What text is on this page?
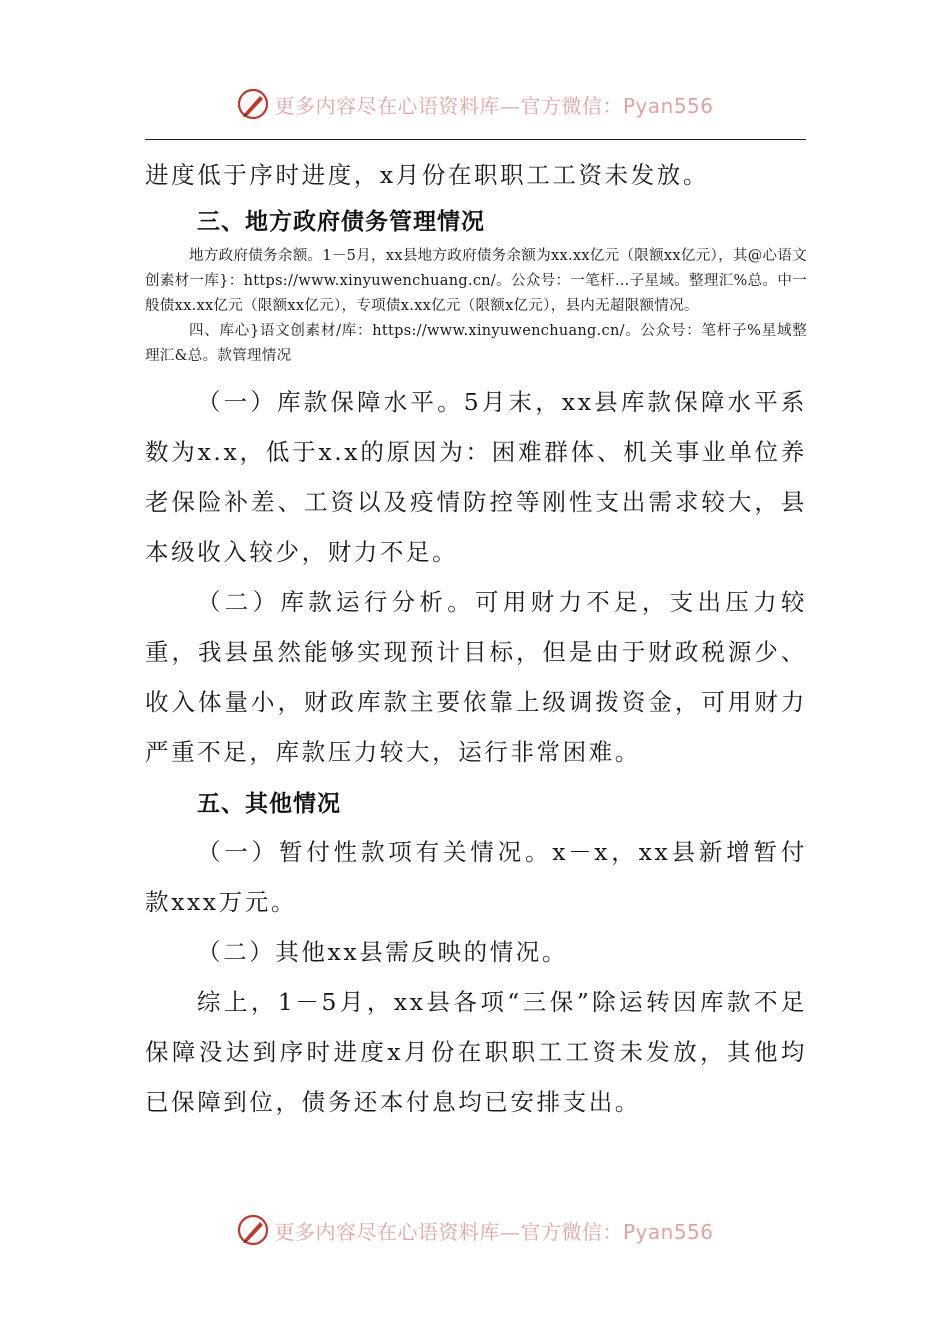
更多内容尽在心语资料库—官方微信：Pyan556

进度低于序时进度，x月份在职职工工资未发放。

三、地方政府债务管理情况

地方政府债务余额。1－5月，xx县地方政府债务余额为xx.xx亿元（限额xx亿元），其@心语文创素材一库}：https://www.xinyuwenchuang.cn/。公众号：一笔杆…子星域。整理汇%总。中一般债xx.xx亿元（限额xx亿元），专项债x.xx亿元（限额x亿元），县内无超限额情况。

四、库心}语文创素材/库：https://www.xinyuwenchuang.cn/。公众号：笔杆子%星域整理汇&总。款管理情况

（一）库款保障水平。5月末，xx县库款保障水平系数为x.x，低于x.x的原因为：困难群体、机关事业单位养老保险补差、工资以及疫情防控等刚性支出需求较大，县本级收入较少，财力不足。

（二）库款运行分析。可用财力不足，支出压力较重，我县虽然能够实现预计目标，但是由于财政税源少、收入体量小，财政库款主要依靠上级调拨资金，可用财力严重不足，库款压力较大，运行非常困难。

五、其他情况

（一）暂付性款项有关情况。x－x，xx县新增暂付款xxx万元。

（二）其他xx县需反映的情况。

综上，1－5月，xx县各项“三保”除运转因库款不足保障没达到序时进度x月份在职职工工资未发放，其他均已保障到位，债务还本付息均已安排支出。

更多内容尽在心语资料库—官方微信：Pyan556
